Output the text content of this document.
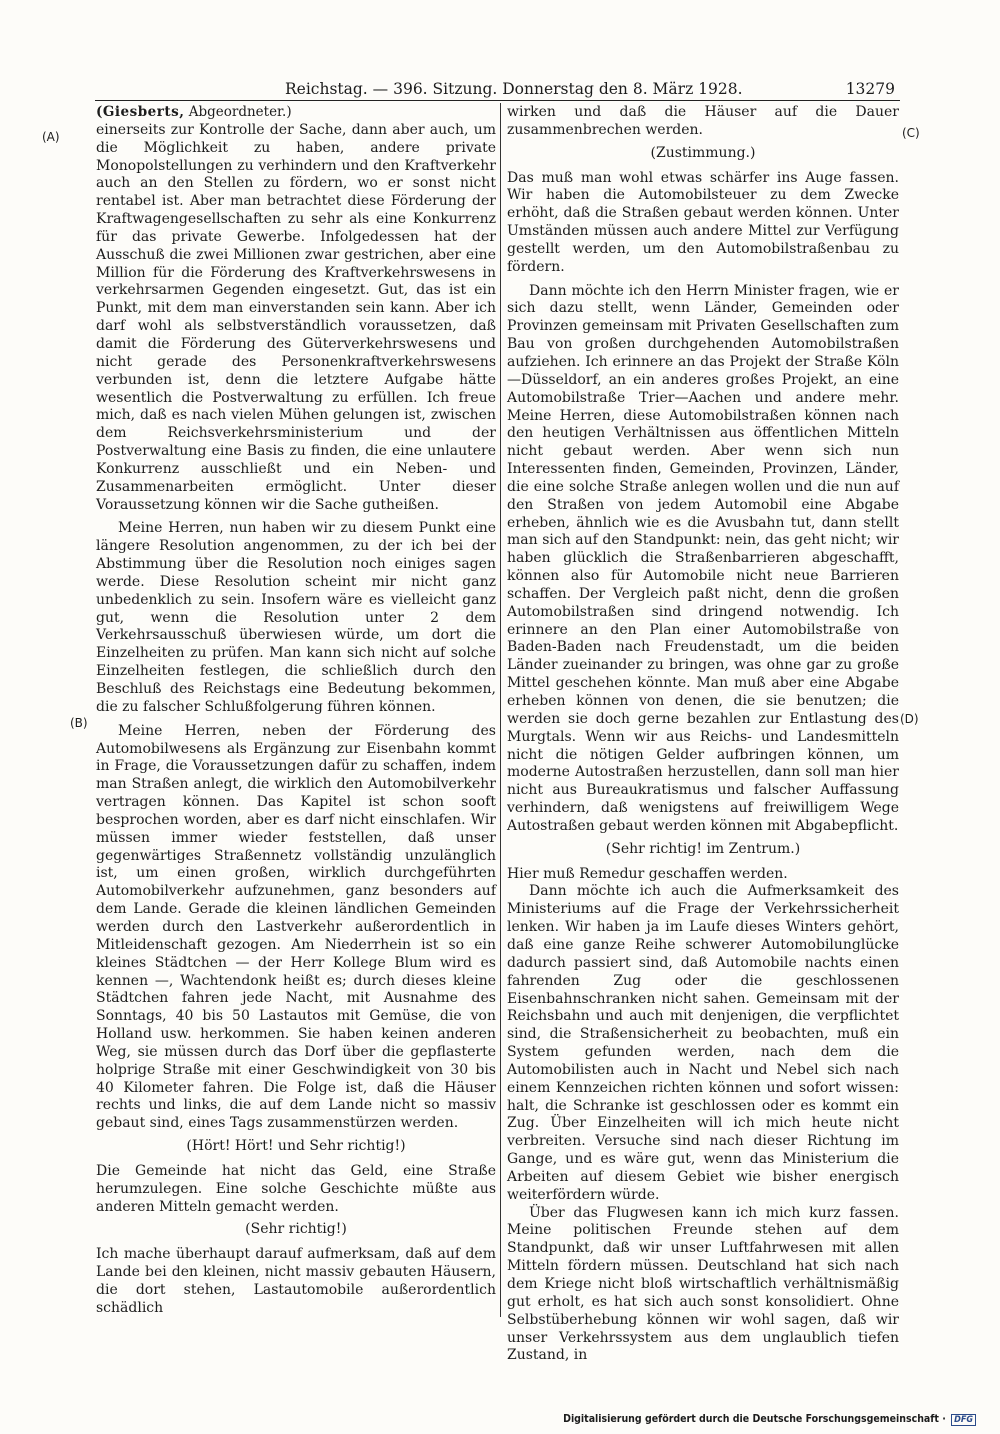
Reichstag. — 396. Sitzung. Donnerstag den 8. März 1928.	13279
(A)
(B)
(C)
(D)

(Giesberts, Abgeordneter.)

einerseits zur Kontrolle der Sache, dann aber auch, um die Möglichkeit zu haben, andere private Monopolstellungen zu verhindern und den Kraftverkehr auch an den Stellen zu fördern, wo er sonst nicht rentabel ist. Aber man betrachtet diese Förderung der Kraftwagengesellschaften zu sehr als eine Konkurrenz für das private Gewerbe. Infolgedessen hat der Ausschuß die zwei Millionen zwar gestrichen, aber eine Million für die Förderung des Kraftverkehrswesens in verkehrsarmen Gegenden eingesetzt. Gut, das ist ein Punkt, mit dem man einverstanden sein kann. Aber ich darf wohl als selbstverständlich voraussetzen, daß damit die Förderung des Güterverkehrswesens und nicht gerade des Personenkraftverkehrswesens verbunden ist, denn die letztere Aufgabe hätte wesentlich die Postverwaltung zu erfüllen. Ich freue mich, daß es nach vielen Mühen gelungen ist, zwischen dem Reichsverkehrsministerium und der Postverwaltung eine Basis zu finden, die eine unlautere Konkurrenz ausschließt und ein Neben- und Zusammenarbeiten ermöglicht. Unter dieser Voraussetzung können wir die Sache gutheißen.

Meine Herren, nun haben wir zu diesem Punkt eine längere Resolution angenommen, zu der ich bei der Abstimmung über die Resolution noch einiges sagen werde. Diese Resolution scheint mir nicht ganz unbedenklich zu sein. Insofern wäre es vielleicht ganz gut, wenn die Resolution unter 2 dem Verkehrsausschuß überwiesen würde, um dort die Einzelheiten zu prüfen. Man kann sich nicht auf solche Einzelheiten festlegen, die schließlich durch den Beschluß des Reichstags eine Bedeutung bekommen, die zu falscher Schlußfolgerung führen können.

Meine Herren, neben der Förderung des Automobilwesens als Ergänzung zur Eisenbahn kommt in Frage, die Voraussetzungen dafür zu schaffen, indem man Straßen anlegt, die wirklich den Automobilverkehr vertragen können. Das Kapitel ist schon sooft besprochen worden, aber es darf nicht einschlafen. Wir müssen immer wieder feststellen, daß unser gegenwärtiges Straßennetz vollständig unzulänglich ist, um einen großen, wirklich durchgeführten Automobilverkehr aufzunehmen, ganz besonders auf dem Lande. Gerade die kleinen ländlichen Gemeinden werden durch den Lastverkehr außerordentlich in Mitleidenschaft gezogen. Am Niederrhein ist so ein kleines Städtchen — der Herr Kollege Blum wird es kennen —, Wachtendonk heißt es; durch dieses kleine Städtchen fahren jede Nacht, mit Ausnahme des Sonntags, 40 bis 50 Lastautos mit Gemüse, die von Holland usw. herkommen. Sie haben keinen anderen Weg, sie müssen durch das Dorf über die gepflasterte holprige Straße mit einer Geschwindigkeit von 30 bis 40 Kilometer fahren. Die Folge ist, daß die Häuser rechts und links, die auf dem Lande nicht so massiv gebaut sind, eines Tags zusammenstürzen werden.

(Hört! Hört! und Sehr richtig!)

Die Gemeinde hat nicht das Geld, eine Straße herumzulegen. Eine solche Geschichte müßte aus anderen Mitteln gemacht werden.

(Sehr richtig!)

Ich mache überhaupt darauf aufmerksam, daß auf dem Lande bei den kleinen, nicht massiv gebauten Häusern, die dort stehen, Lastautomobile außerordentlich schädlich

wirken und daß die Häuser auf die Dauer zusammenbrechen werden.

(Zustimmung.)

Das muß man wohl etwas schärfer ins Auge fassen. Wir haben die Automobilsteuer zu dem Zwecke erhöht, daß die Straßen gebaut werden können. Unter Umständen müssen auch andere Mittel zur Verfügung gestellt werden, um den Automobilstraßenbau zu fördern.

Dann möchte ich den Herrn Minister fragen, wie er sich dazu stellt, wenn Länder, Gemeinden oder Provinzen gemeinsam mit Privaten Gesellschaften zum Bau von großen durchgehenden Automobilstraßen aufziehen. Ich erinnere an das Projekt der Straße Köln—Düsseldorf, an ein anderes großes Projekt, an eine Automobilstraße Trier—Aachen und andere mehr. Meine Herren, diese Automobilstraßen können nach den heutigen Verhältnissen aus öffentlichen Mitteln nicht gebaut werden. Aber wenn sich nun Interessenten finden, Gemeinden, Provinzen, Länder, die eine solche Straße anlegen wollen und die nun auf den Straßen von jedem Automobil eine Abgabe erheben, ähnlich wie es die Avusbahn tut, dann stellt man sich auf den Standpunkt: nein, das geht nicht; wir haben glücklich die Straßenbarrieren abgeschafft, können also für Automobile nicht neue Barrieren schaffen. Der Vergleich paßt nicht, denn die großen Automobilstraßen sind dringend notwendig. Ich erinnere an den Plan einer Automobilstraße von Baden-Baden nach Freudenstadt, um die beiden Länder zueinander zu bringen, was ohne gar zu große Mittel geschehen könnte. Man muß aber eine Abgabe erheben können von denen, die sie benutzen; die werden sie doch gerne bezahlen zur Entlastung des Murgtals. Wenn wir aus Reichs- und Landesmitteln nicht die nötigen Gelder aufbringen können, um moderne Autostraßen herzustellen, dann soll man hier nicht aus Bureaukratismus und falscher Auffassung verhindern, daß wenigstens auf freiwilligem Wege Autostraßen gebaut werden können mit Abgabepflicht.

(Sehr richtig! im Zentrum.)

Hier muß Remedur geschaffen werden.

Dann möchte ich auch die Aufmerksamkeit des Ministeriums auf die Frage der Verkehrssicherheit lenken. Wir haben ja im Laufe dieses Winters gehört, daß eine ganze Reihe schwerer Automobilunglücke dadurch passiert sind, daß Automobile nachts einen fahrenden Zug oder die geschlossenen Eisenbahnschranken nicht sahen. Gemeinsam mit der Reichsbahn und auch mit denjenigen, die verpflichtet sind, die Straßensicherheit zu beobachten, muß ein System gefunden werden, nach dem die Automobilisten auch in Nacht und Nebel sich nach einem Kennzeichen richten können und sofort wissen: halt, die Schranke ist geschlossen oder es kommt ein Zug. Über Einzelheiten will ich mich heute nicht verbreiten. Versuche sind nach dieser Richtung im Gange, und es wäre gut, wenn das Ministerium die Arbeiten auf diesem Gebiet wie bisher energisch weiterfördern würde.

Über das Flugwesen kann ich mich kurz fassen. Meine politischen Freunde stehen auf dem Standpunkt, daß wir unser Luftfahrwesen mit allen Mitteln fördern müssen. Deutschland hat sich nach dem Kriege nicht bloß wirtschaftlich verhältnismäßig gut erholt, es hat sich auch sonst konsolidiert. Ohne Selbstüberhebung können wir wohl sagen, daß wir unser Verkehrssystem aus dem unglaublich tiefen Zustand, in

Digitalisierung gefördert durch die Deutsche Forschungsgemeinschaft · DFG
